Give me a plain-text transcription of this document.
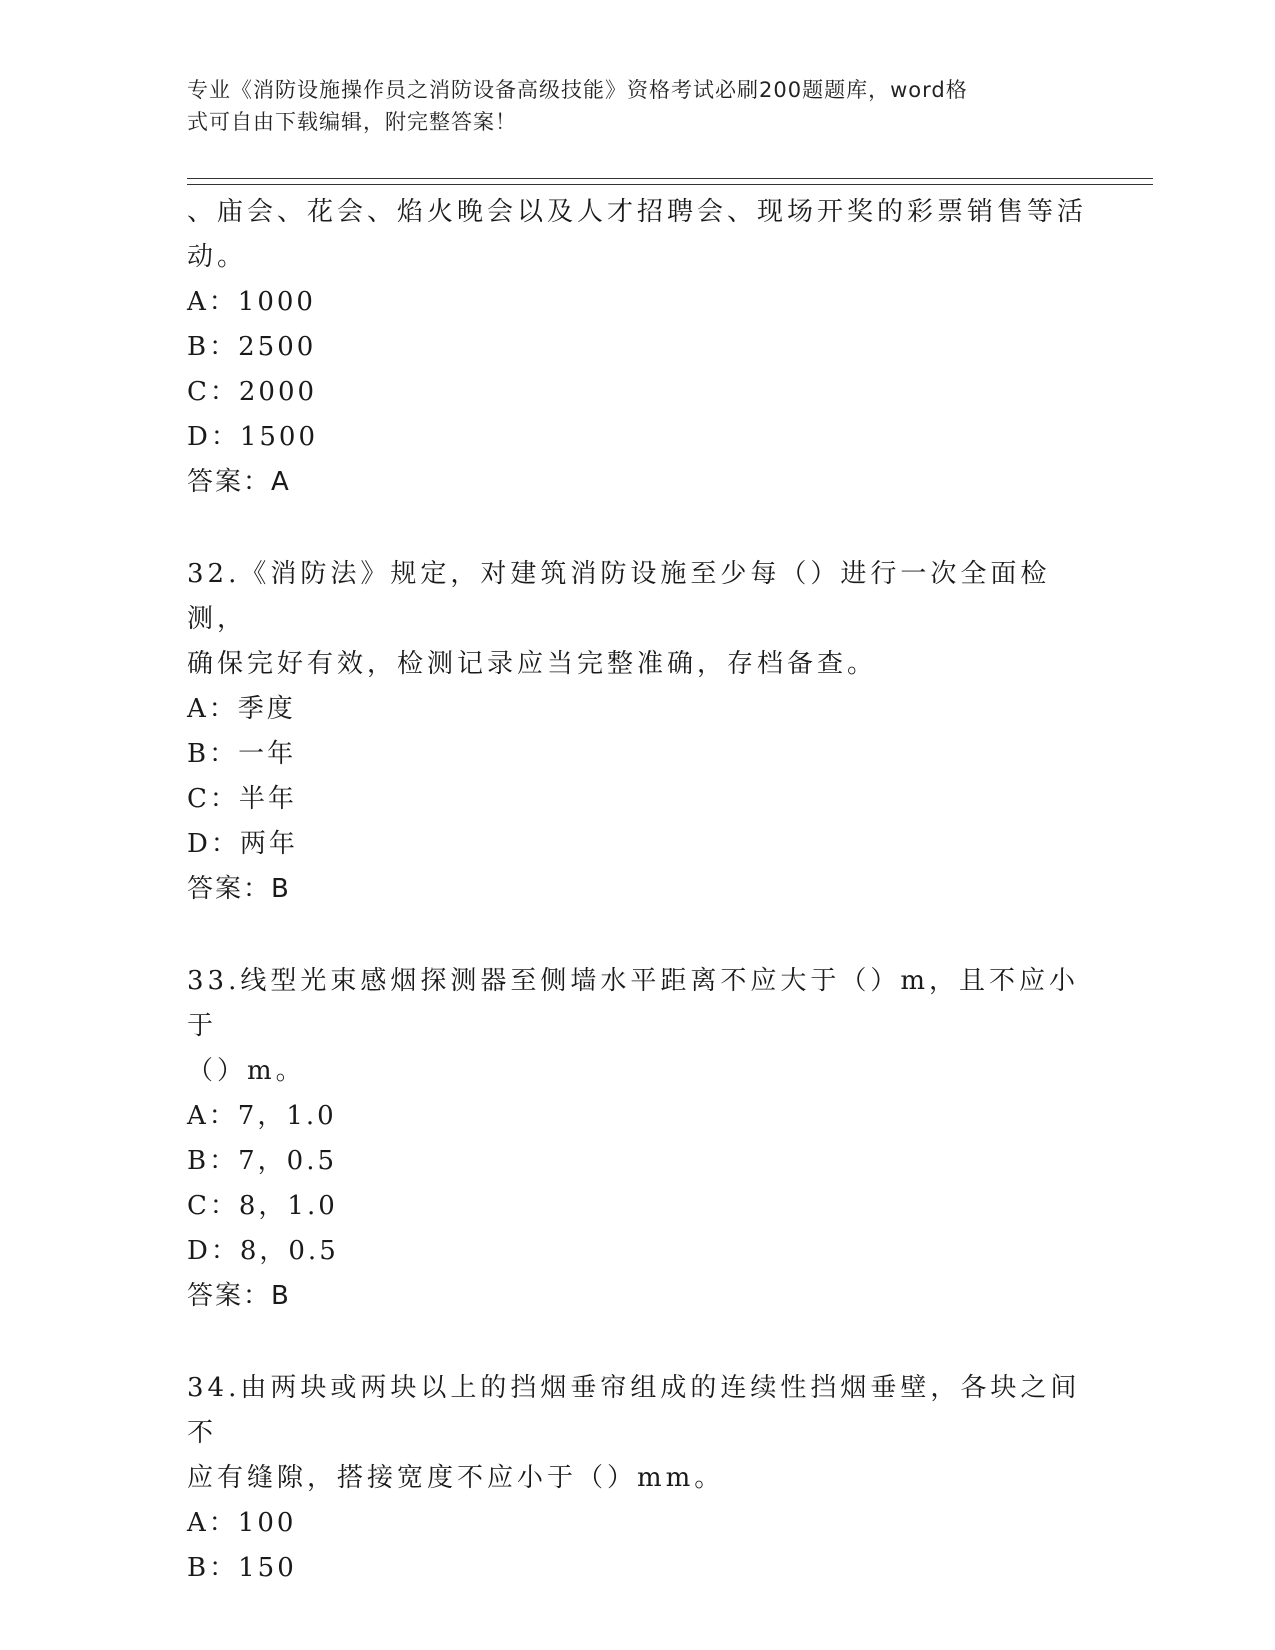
专业《消防设施操作员之消防设备高级技能》资格考试必刷200题题库，word格
式可自由下载编辑，附完整答案！

、庙会、花会、焰火晚会以及人才招聘会、现场开奖的彩票销售等活

动。

A：1000

B：2500

C：2000

D：1500

答案：A

32.《消防法》规定，对建筑消防设施至少每（）进行一次全面检测，

确保完好有效，检测记录应当完整准确，存档备查。

A：季度

B：一年

C：半年

D：两年

答案：B

33.线型光束感烟探测器至侧墙水平距离不应大于（）m，且不应小于

（）m。

A：7，1.0

B：7，0.5

C：8，1.0

D：8，0.5

答案：B

34.由两块或两块以上的挡烟垂帘组成的连续性挡烟垂壁，各块之间不

应有缝隙，搭接宽度不应小于（）mm。

A：100

B：150
